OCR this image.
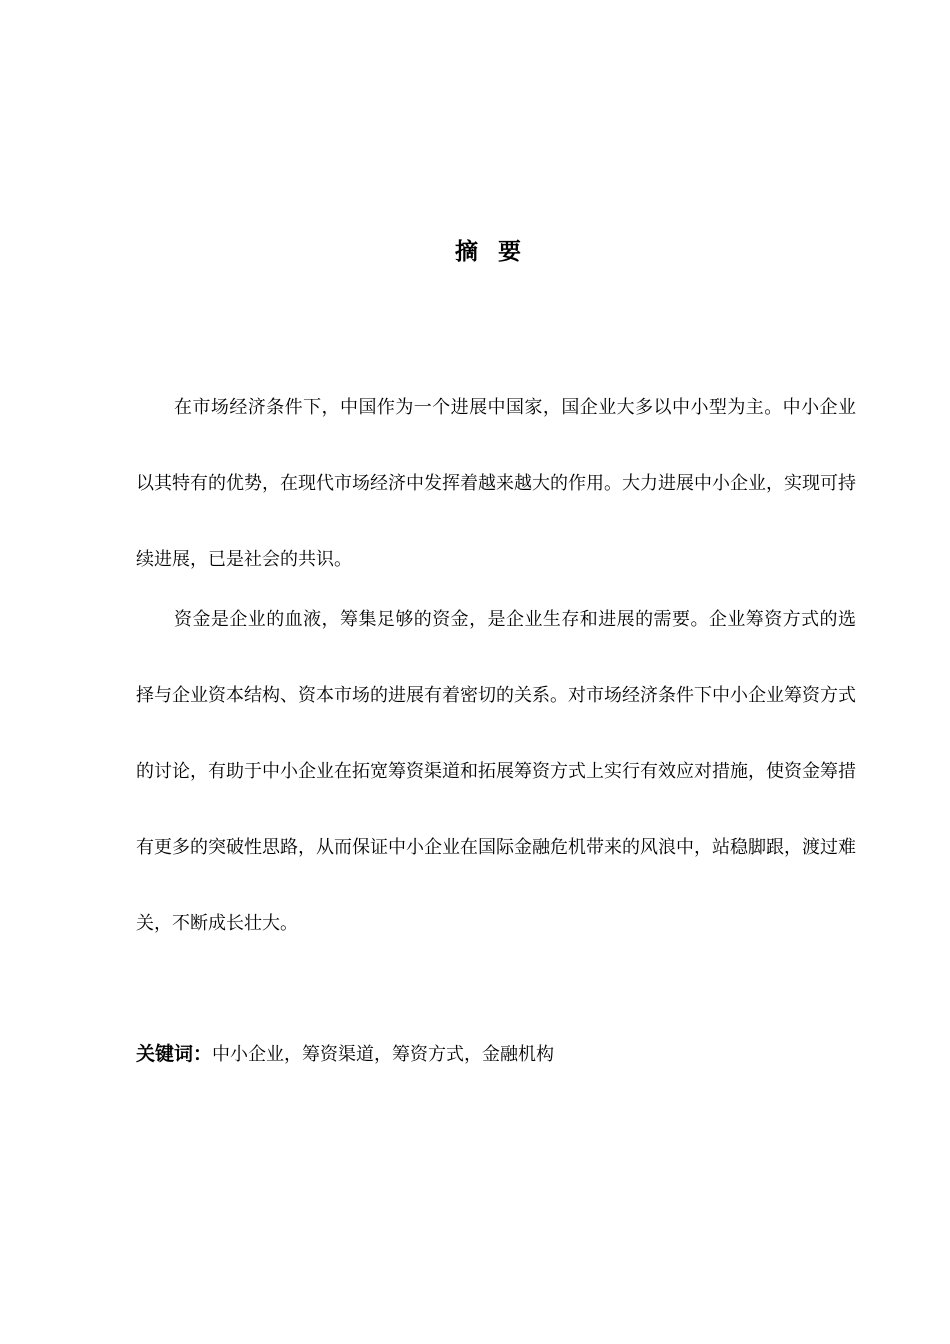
摘要

在市场经济条件下，中国作为一个进展中国家，国企业大多以中小型为主。中小企业以其特有的优势，在现代市场经济中发挥着越来越大的作用。大力进展中小企业，实现可持续进展，已是社会的共识。

资金是企业的血液，筹集足够的资金，是企业生存和进展的需要。企业筹资方式的选择与企业资本结构、资本市场的进展有着密切的关系。对市场经济条件下中小企业筹资方式的讨论，有助于中小企业在拓宽筹资渠道和拓展筹资方式上实行有效应对措施，使资金筹措有更多的突破性思路，从而保证中小企业在国际金融危机带来的风浪中，站稳脚跟，渡过难关，不断成长壮大。

关键词：中小企业，筹资渠道，筹资方式，金融机构
